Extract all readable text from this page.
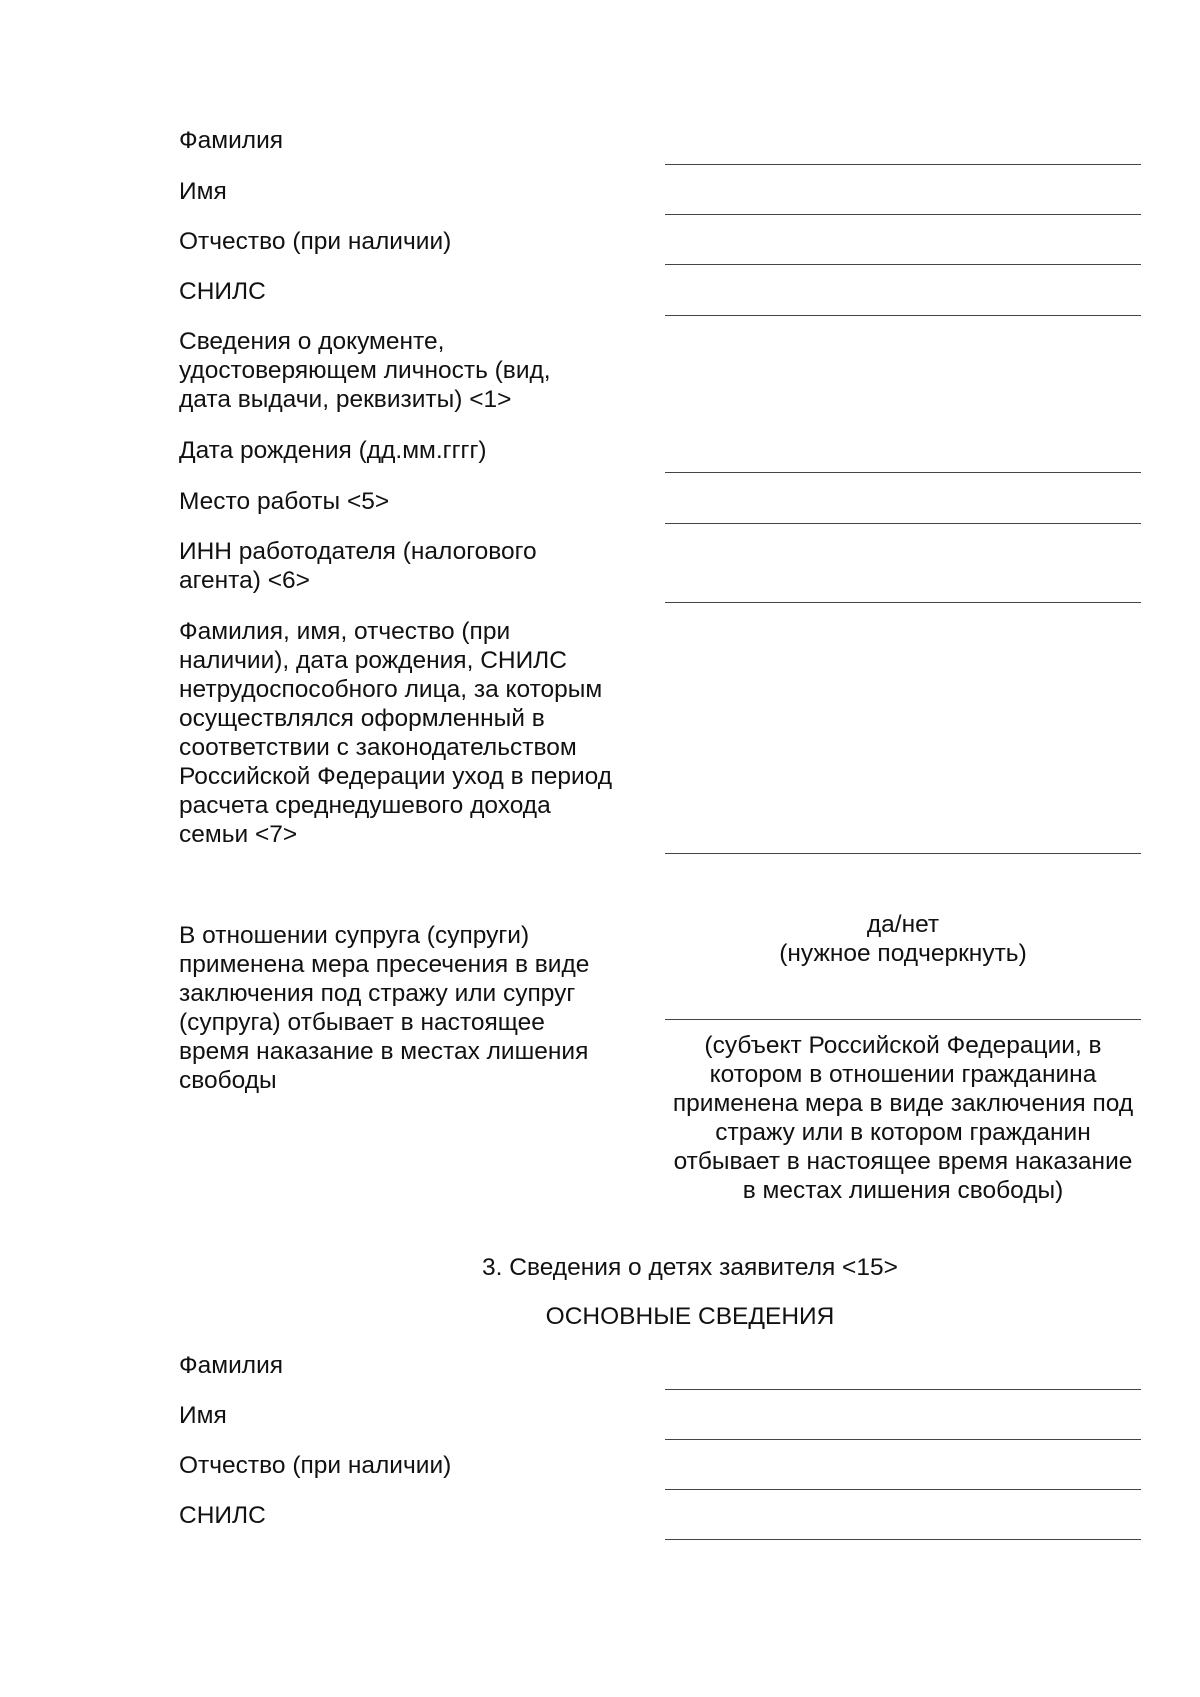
Фамилия

Имя

Отчество (при наличии)

СНИЛС

Сведения о документе, удостоверяющем личность (вид, дата выдачи, реквизиты) <1>

Дата рождения (дд.мм.гггг)

Место работы <5>

ИНН работодателя (налогового агента) <6>

Фамилия, имя, отчество (при наличии), дата рождения, СНИЛС нетрудоспособного лица, за которым осуществлялся оформленный в соответствии с законодательством Российской Федерации уход в период расчета среднедушевого дохода семьи <7>

В отношении супруга (супруги) применена мера пресечения в виде заключения под стражу или супруг (супруга) отбывает в настоящее время наказание в местах лишения свободы

да/нет

(нужное подчеркнуть)

(субъект Российской Федерации, в котором в отношении гражданина применена мера в виде заключения под стражу или в котором гражданин отбывает в настоящее время наказание в местах лишения свободы)

3. Сведения о детях заявителя <15>

ОСНОВНЫЕ СВЕДЕНИЯ

Фамилия

Имя

Отчество (при наличии)

СНИЛС
